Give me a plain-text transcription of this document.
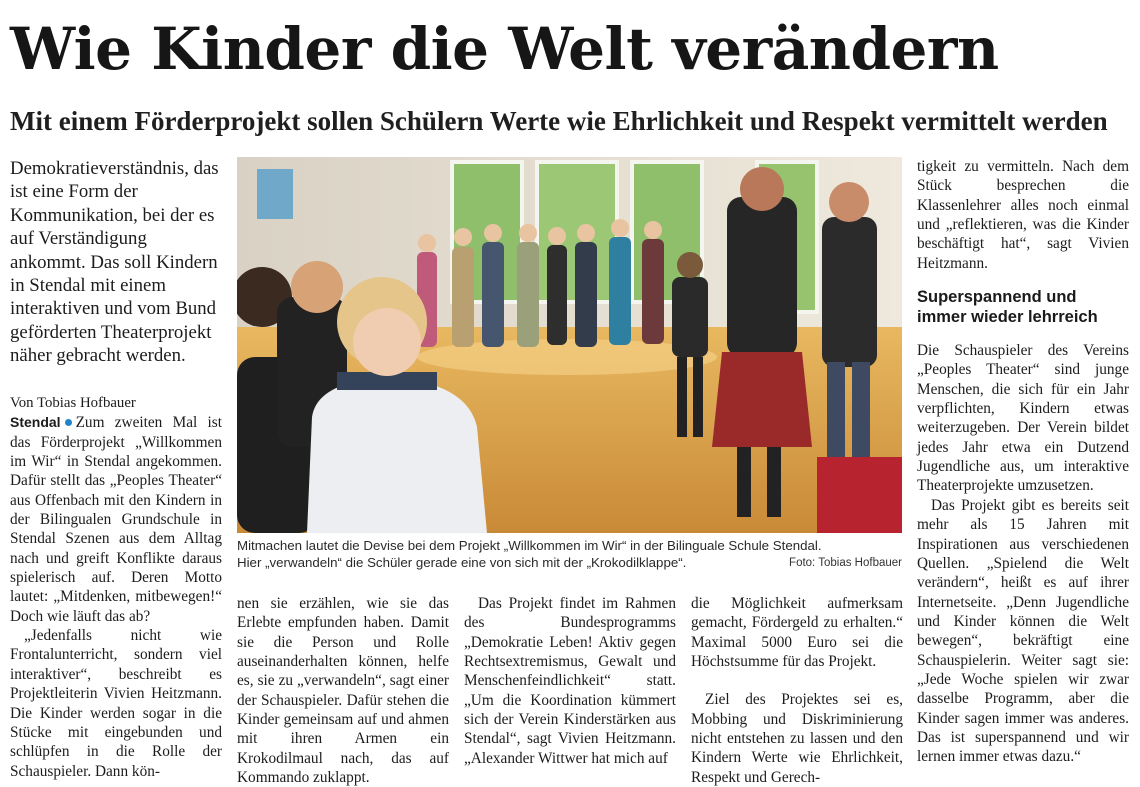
Wie Kinder die Welt verändern
Mit einem Förderprojekt sollen Schülern Werte wie Ehrlichkeit und Respekt vermittelt werden

Demokratieverständnis, das ist eine Form der Kommunikation, bei der es auf Verständigung ankommt. Das soll Kindern in Stendal mit einem interaktiven und vom Bund geförderten Theaterprojekt näher gebracht werden.

Von Tobias Hofbauer

Stendal Zum zweiten Mal ist das Förderprojekt „Willkommen im Wir“ in Stendal angekommen. Dafür stellt das „Peoples Theater“ aus Offenbach mit den Kindern in der Bilingualen Grundschule in Stendal Szenen aus dem Alltag nach und greift Konflikte daraus spielerisch auf. Deren Motto lautet: „Mitdenken, mitbewegen!“ Doch wie läuft das ab?

„Jedenfalls nicht wie Frontalunterricht, sondern viel interaktiver“, beschreibt es Projektleiterin Vivien Heitzmann. Die Kinder werden sogar in die Stücke mit eingebunden und schlüpfen in die Rolle der Schauspieler. Dann kön-

Mitmachen lautet die Devise bei dem Projekt „Willkommen im Wir“ in der Bilinguale Schule Stendal. Hier „verwandeln“ die Schüler gerade eine von sich mit der „Krokodilklappe“.	Foto: Tobias Hofbauer

nen sie erzählen, wie sie das Erlebte empfunden haben. Damit sie die Person und Rolle auseinanderhalten können, helfe es, sie zu „verwandeln“, sagt einer der Schauspieler. Dafür stehen die Kinder gemeinsam auf und ahmen mit ihren Armen ein Krokodilmaul nach, das auf Kommando zuklappt.

Das Projekt findet im Rahmen des Bundesprogramms „Demokratie Leben! Aktiv gegen Rechtsextremismus, Gewalt und Menschenfeindlichkeit“ statt. „Um die Koordination kümmert sich der Verein Kinderstärken aus Stendal“, sagt Vivien Heitzmann. „Alexander Wittwer hat mich auf

die Möglichkeit aufmerksam gemacht, Fördergeld zu erhalten.“ Maximal 5000 Euro sei die Höchstsumme für das Projekt.

Ziel des Projektes sei es, Mobbing und Diskriminierung nicht entstehen zu lassen und den Kindern Werte wie Ehrlichkeit, Respekt und Gerech-

tigkeit zu vermitteln. Nach dem Stück besprechen die Klassenlehrer alles noch einmal und „reflektieren, was die Kinder beschäftigt hat“, sagt Vivien Heitzmann.

Superspannend und immer wieder lehrreich

Die Schauspieler des Vereins „Peoples Theater“ sind junge Menschen, die sich für ein Jahr verpflichten, Kindern etwas weiterzugeben. Der Verein bildet jedes Jahr etwa ein Dutzend Jugendliche aus, um interaktive Theaterprojekte umzusetzen.

Das Projekt gibt es bereits seit mehr als 15 Jahren mit Inspirationen aus verschiedenen Quellen. „Spielend die Welt verändern“, heißt es auf ihrer Internetseite. „Denn Jugendliche und Kinder können die Welt bewegen“, bekräftigt eine Schauspielerin. Weiter sagt sie: „Jede Woche spielen wir zwar dasselbe Programm, aber die Kinder sagen immer was anderes. Das ist superspannend und wir lernen immer etwas dazu.“
